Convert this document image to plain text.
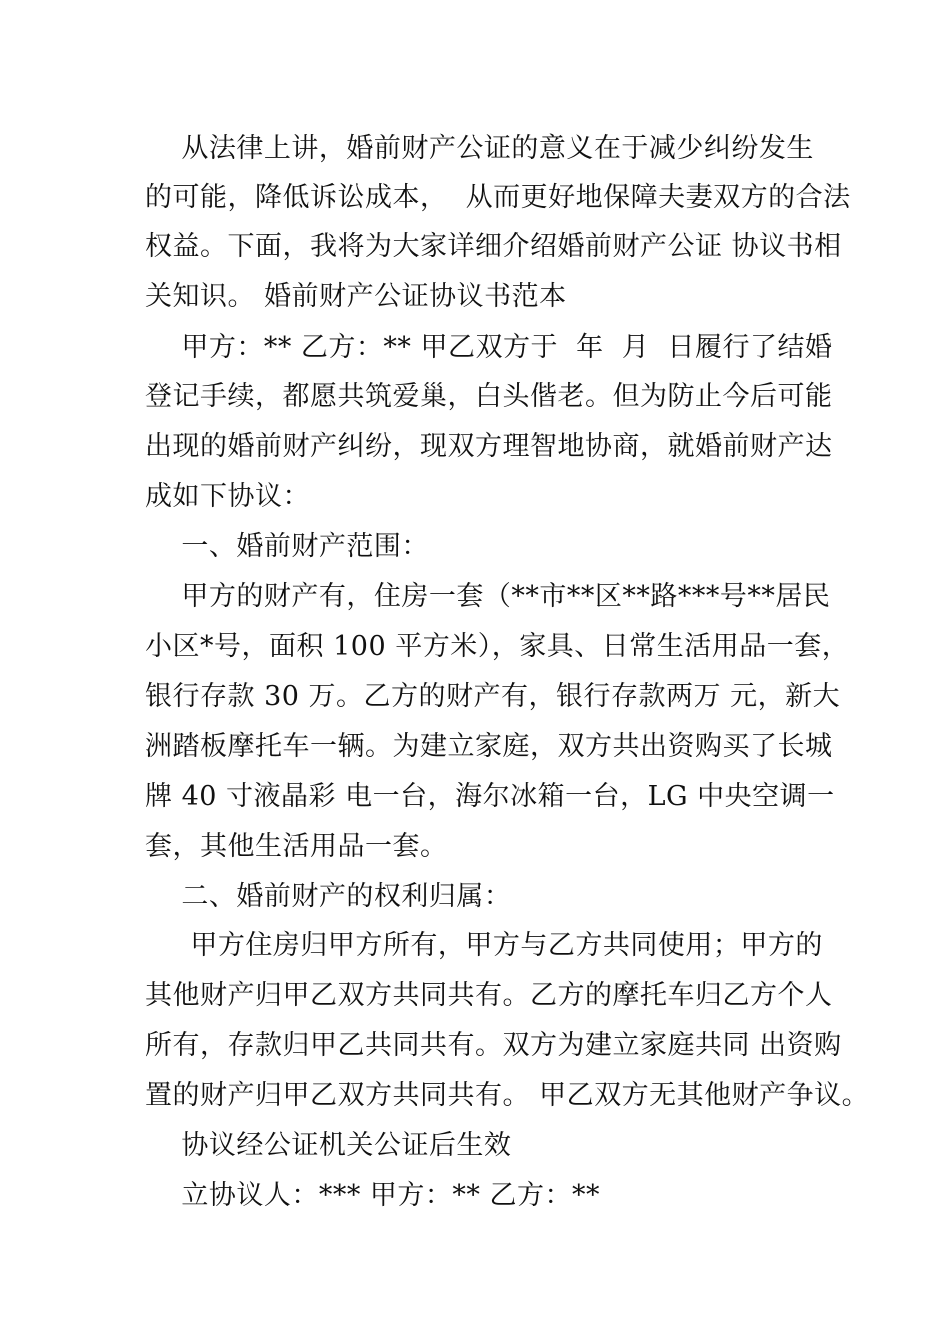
从法律上讲，婚前财产公证的意义在于减少纠纷发生
的可能，降低诉讼成本，  从而更好地保障夫妻双方的合法
权益。下面，我将为大家详细介绍婚前财产公证 协议书相
关知识。 婚前财产公证协议书范本
甲方：** 乙方：** 甲乙双方于  年  月  日履行了结婚
登记手续，都愿共筑爱巢，白头偕老。但为防止今后可能
出现的婚前财产纠纷，现双方理智地协商，就婚前财产达
成如下协议：
一、婚前财产范围：
甲方的财产有，住房一套（**市**区**路***号**居民
小区*号，面积 100 平方米），家具、日常生活用品一套，
银行存款 30 万。乙方的财产有，银行存款两万 元，新大
洲踏板摩托车一辆。为建立家庭，双方共出资购买了长城
牌 40 寸液晶彩 电一台，海尔冰箱一台，LG 中央空调一
套，其他生活用品一套。
二、婚前财产的权利归属：
甲方住房归甲方所有，甲方与乙方共同使用；甲方的
其他财产归甲乙双方共同共有。乙方的摩托车归乙方个人
所有，存款归甲乙共同共有。双方为建立家庭共同 出资购
置的财产归甲乙双方共同共有。 甲乙双方无其他财产争议。
协议经公证机关公证后生效
立协议人：*** 甲方：** 乙方：**
